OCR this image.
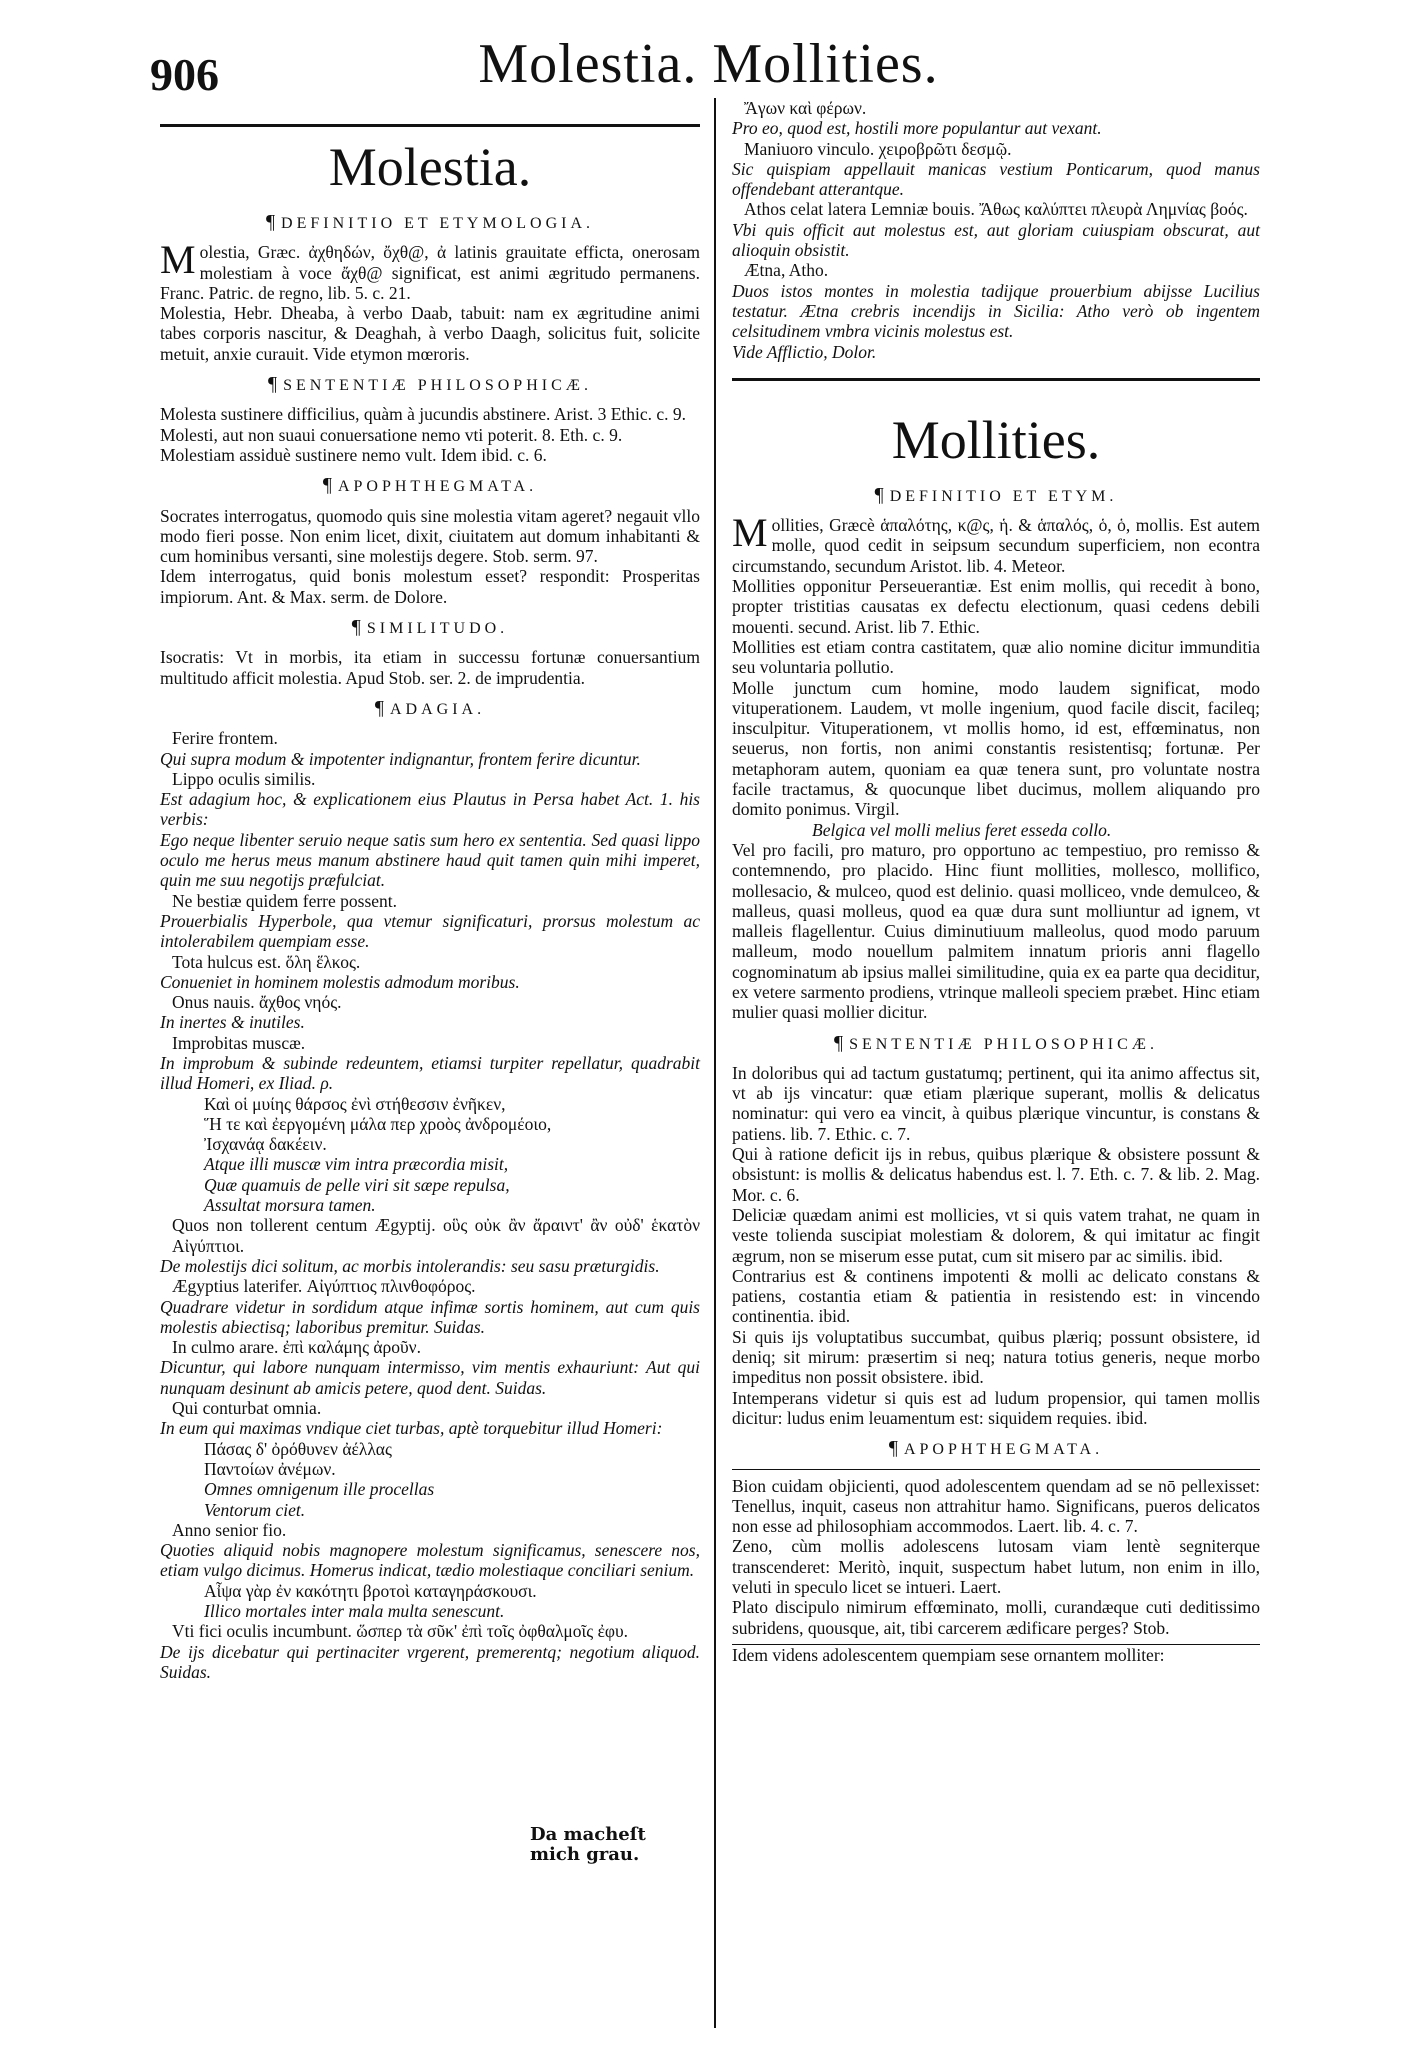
906	Molestia. Mollities.
Molestia.
¶ DEFINITIO ET ETYMOLOGIA.

Molestia, Græc. ἀχθηδών, ὄχθ@, ἀ latinis grauitate efficta, onerosam molestiam à voce ἄχθ@ significat, est animi ægritudo permanens. Franc. Patric. de regno, lib. 5. c. 21.

Molestia, Hebr. Dheaba, à verbo Daab, tabuit: nam ex ægritudine animi tabes corporis nascitur, & Deaghah, à verbo Daagh, solicitus fuit, solicite metuit, anxie curauit. Vide etymon mœroris.

¶ SENTENTIÆ PHILOSOPHICÆ.

Molesta sustinere difficilius, quàm à jucundis abstinere. Arist. 3 Ethic. c. 9.

Molesti, aut non suaui conuersatione nemo vti poterit. 8. Eth. c. 9.

Molestiam assiduè sustinere nemo vult. Idem ibid. c. 6.

¶ APOPHTHEGMATA.

Socrates interrogatus, quomodo quis sine molestia vitam ageret? negauit vllo modo fieri posse. Non enim licet, dixit, ciuitatem aut domum inhabitanti & cum hominibus versanti, sine molestijs degere. Stob. serm. 97.

Idem interrogatus, quid bonis molestum esset? respondit: Prosperitas impiorum. Ant. & Max. serm. de Dolore.

¶ SIMILITUDO.

Isocratis: Vt in morbis, ita etiam in successu fortunæ conuersantium multitudo afficit molestia. Apud Stob. ser. 2. de imprudentia.

¶ ADAGIA.

Ferire frontem.

Qui supra modum & impotenter indignantur, frontem ferire dicuntur.

Lippo oculis similis.

Est adagium hoc, & explicationem eius Plautus in Persa habet Act. 1. his verbis:

Ego neque libenter seruio neque satis sum hero ex sententia. Sed quasi lippo oculo me herus meus manum abstinere haud quit tamen quin mihi imperet, quin me suu negotijs præfulciat.

Ne bestiæ quidem ferre possent.

Prouerbialis Hyperbole, qua vtemur significaturi, prorsus molestum ac intolerabilem quempiam esse.

Tota hulcus est. ὅλη ἕλκος.

Conueniet in hominem molestis admodum moribus.

Onus nauis. ἄχθος νηός.

In inertes & inutiles.

Improbitas muscæ.

In improbum & subinde redeuntem, etiamsi turpiter repellatur, quadrabit illud Homeri, ex Iliad. ρ.

Καὶ οἱ μυίης θάρσος ἐνὶ στήθεσσιν ἐνῆκεν,

Ἥ τε καὶ ἐεργομένη μάλα περ χροὸς ἀνδρομέοιο,

Ἰσχανάᾳ δακέειν.

Atque illi muscæ vim intra præcordia misit,

Quæ quamuis de pelle viri sit sæpe repulsa,

Assultat morsura tamen.

Quos non tollerent centum Ægyptij. οὓς οὐκ ἂν ἄραιντ' ἂν οὐδ' ἑκατὸν Αἰγύπτιοι.

De molestijs dici solitum, ac morbis intolerandis: seu sasu præturgidis.

Ægyptius laterifer. Αἰγύπτιος πλινθοφόρος.

Quadrare videtur in sordidum atque infimæ sortis hominem, aut cum quis molestis abiectisq; laboribus premitur. Suidas.

In culmo arare. ἐπὶ καλάμης ἀροῦν.

Dicuntur, qui labore nunquam intermisso, vim mentis exhauriunt: Aut qui nunquam desinunt ab amicis petere, quod dent. Suidas.

Qui conturbat omnia.

In eum qui maximas vndique ciet turbas, aptè torquebitur illud Homeri:

Πάσας δ' ὀρόθυνεν ἀέλλας

Παντοίων ἀνέμων.

Omnes omnigenum ille procellas

Ventorum ciet.

Anno senior fio.

Quoties aliquid nobis magnopere molestum significamus, senescere nos, etiam vulgo dicimus. Homerus indicat, tædio molestiaque conciliari senium.

Αἶψα γὰρ ἐν κακότητι βροτοὶ καταγηράσκουσι.

Illico mortales inter mala multa senescunt.

Vti fici oculis incumbunt. ὥσπερ τὰ σῦκ' ἐπὶ τοῖς ὀφθαλμοῖς ἐφυ.

De ijs dicebatur qui pertinaciter vrgerent, premerentq; negotium aliquod. Suidas.

Da macheſt mich grau.

Ἄγων καὶ φέρων.

Pro eo, quod est, hostili more populantur aut vexant.

Maniuoro vinculo. χειροβρῶτι δεσμῷ.

Sic quispiam appellauit manicas vestium Ponticarum, quod manus offendebant atterantque.

Athos celat latera Lemniæ bouis. Ἄθως καλύπτει πλευρὰ Λημνίας βοός.

Vbi quis officit aut molestus est, aut gloriam cuiuspiam obscurat, aut alioquin obsistit.

Ætna, Atho.

Duos istos montes in molestia tadijque prouerbium abijsse Lucilius testatur. Ætna crebris incendijs in Sicilia: Atho verò ob ingentem celsitudinem vmbra vicinis molestus est.

Vide Afflictio, Dolor.

Mollities.
¶ DEFINITIO ET ETYM.

Mollities, Græcè ἁπαλότης, κ@ς, ἡ. & ἁπαλός, ὁ, ὁ, mollis. Est autem molle, quod cedit in seipsum secundum superficiem, non econtra circumstando, secundum Aristot. lib. 4. Meteor.

Mollities opponitur Perseuerantiæ. Est enim mollis, qui recedit à bono, propter tristitias causatas ex defectu electionum, quasi cedens debili mouenti. secund. Arist. lib 7. Ethic.

Mollities est etiam contra castitatem, quæ alio nomine dicitur immunditia seu voluntaria pollutio.

Molle junctum cum homine, modo laudem significat, modo vituperationem. Laudem, vt molle ingenium, quod facile discit, facileq; insculpitur. Vituperationem, vt mollis homo, id est, effœminatus, non seuerus, non fortis, non animi constantis resistentisq; fortunæ. Per metaphoram autem, quoniam ea quæ tenera sunt, pro voluntate nostra facile tractamus, & quocunque libet ducimus, mollem aliquando pro domito ponimus. Virgil.

Belgica vel molli melius feret esseda collo.

Vel pro facili, pro maturo, pro opportuno ac tempestiuo, pro remisso & contemnendo, pro placido. Hinc fiunt mollities, mollesco, mollifico, mollesacio, & mulceo, quod est delinio. quasi molliceo, vnde demulceo, & malleus, quasi molleus, quod ea quæ dura sunt molliuntur ad ignem, vt malleis flagellentur. Cuius diminutiuum malleolus, quod modo paruum malleum, modo nouellum palmitem innatum prioris anni flagello cognominatum ab ipsius mallei similitudine, quia ex ea parte qua deciditur, ex vetere sarmento prodiens, vtrinque malleoli speciem præbet. Hinc etiam mulier quasi mollier dicitur.

¶ SENTENTIÆ PHILOSOPHICÆ.

In doloribus qui ad tactum gustatumq; pertinent, qui ita animo affectus sit, vt ab ijs vincatur: quæ etiam plærique superant, mollis & delicatus nominatur: qui vero ea vincit, à quibus plærique vincuntur, is constans & patiens. lib. 7. Ethic. c. 7.

Qui à ratione deficit ijs in rebus, quibus plærique & obsistere possunt & obsistunt: is mollis & delicatus habendus est. l. 7. Eth. c. 7. & lib. 2. Mag. Mor. c. 6.

Deliciæ quædam animi est mollicies, vt si quis vatem trahat, ne quam in veste tolienda suscipiat molestiam & dolorem, & qui imitatur ac fingit ægrum, non se miserum esse putat, cum sit misero par ac similis. ibid.

Contrarius est & continens impotenti & molli ac delicato constans & patiens, costantia etiam & patientia in resistendo est: in vincendo continentia. ibid.

Si quis ijs voluptatibus succumbat, quibus plæriq; possunt obsistere, id deniq; sit mirum: præsertim si neq; natura totius generis, neque morbo impeditus non possit obsistere. ibid.

Intemperans videtur si quis est ad ludum propensior, qui tamen mollis dicitur: ludus enim leuamentum est: siquidem requies. ibid.

¶ APOPHTHEGMATA.

Bion cuidam objicienti, quod adolescentem quendam ad se nō pellexisset: Tenellus, inquit, caseus non attrahitur hamo. Significans, pueros delicatos non esse ad philosophiam accommodos. Laert. lib. 4. c. 7.

Zeno, cùm mollis adolescens lutosam viam lentè segniterque transcenderet: Meritò, inquit, suspectum habet lutum, non enim in illo, veluti in speculo licet se intueri. Laert.

Plato discipulo nimirum effœminato, molli, curandæque cuti deditissimo subridens, quousque, ait, tibi carcerem ædificare perges? Stob.

Idem videns adolescentem quempiam sese ornantem molliter:
